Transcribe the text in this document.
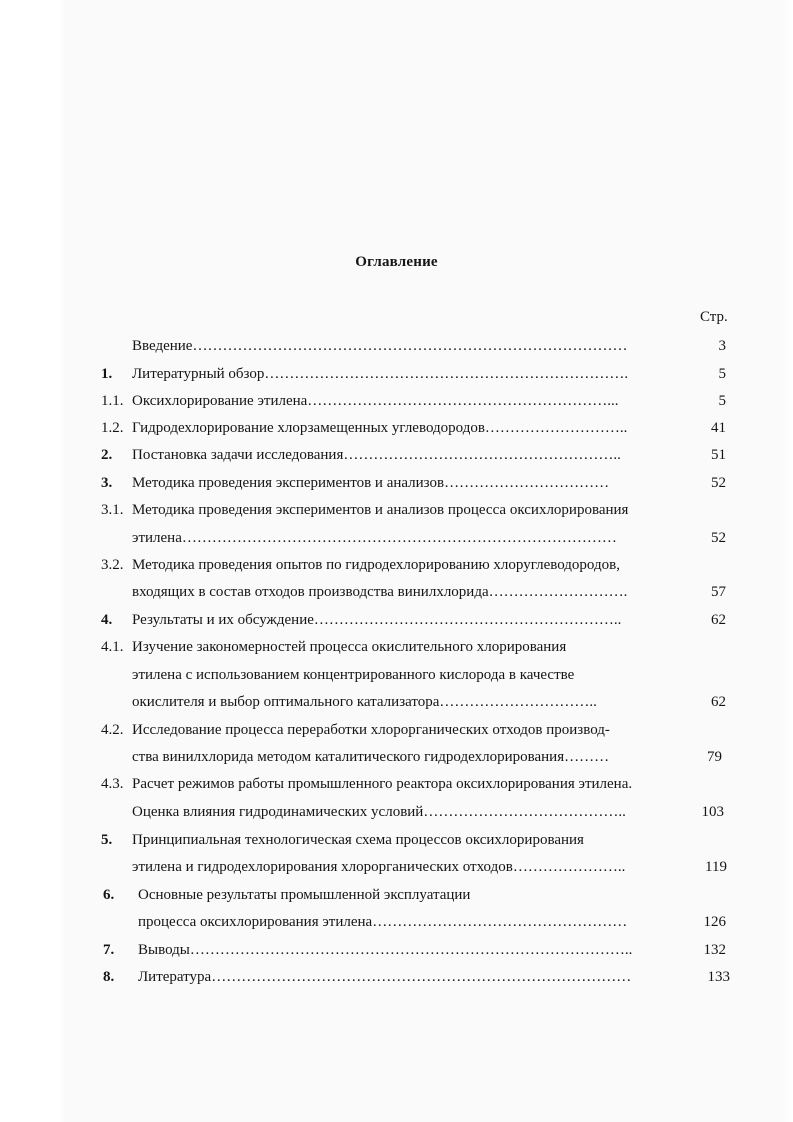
Оглавление
Стр.
Введение……………………………………………………………………………	3
1. Литературный обзор……………………………………………………………….	5
1.1. Оксихлорирование этилена……………………………………………………...	5
1.2. Гидродехлорирование хлорзамещенных углеводородов………………………..	41
2. Постановка задачи исследования………………………………………………..	51
3. Методика проведения экспериментов и анализов……………………………	52
3.1. Методика проведения экспериментов и анализов процесса оксихлорирования
этилена……………………………………………………………………………	52
3.2. Методика проведения опытов по гидродехлорированию хлоруглеводородов,
входящих в состав отходов производства винилхлорида……………………….	57
4. Результаты и их обсуждение……………………………………………………..	62
4.1. Изучение закономерностей процесса окислительного хлорирования
этилена с использованием концентрированного кислорода в качестве
окислителя и выбор оптимального катализатора…………………………..	62
4.2. Исследование процесса переработки хлорорганических отходов производ-
ства винилхлорида методом каталитического гидродехлорирования………	79
4.3. Расчет режимов работы промышленного реактора оксихлорирования этилена.
Оценка влияния гидродинамических условий…………………………………..	103
5. Принципиальная технологическая схема процессов оксихлорирования
этилена и гидродехлорирования хлорорганических отходов…………………..	119
6. Основные результаты промышленной эксплуатации
процесса оксихлорирования этилена……………………………………………	126
7. Выводы……………………………………………………………………………..	132
8. Литература…………………………………………………………………………	133
